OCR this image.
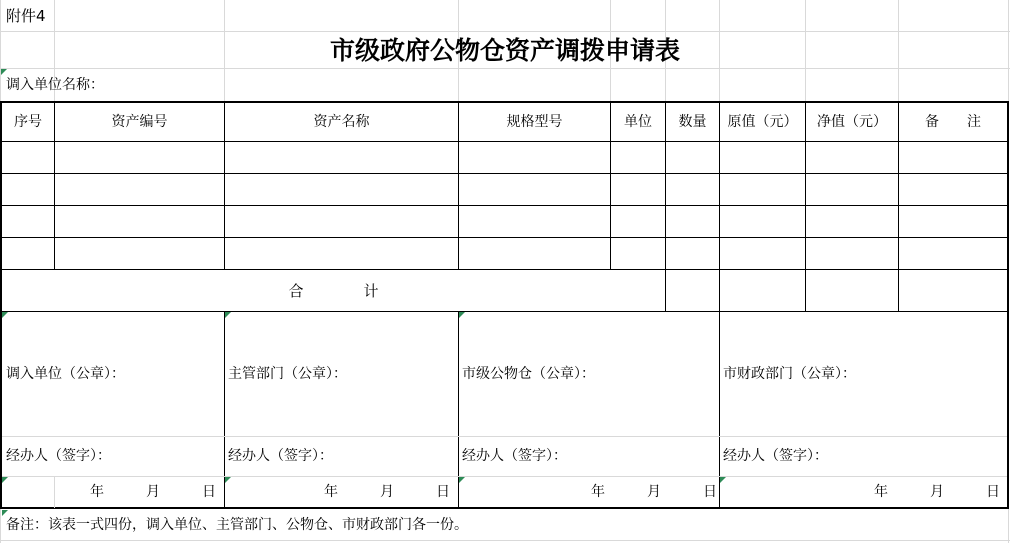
附件4
市级政府公物仓资产调拨申请表
调入单位名称：
序号	资产编号	资产名称	规格型号	单位	数量	原值（元）	净值（元）	备　　注
合　　　　计
调入单位（公章）：	主管部门（公章）：	市级公物仓（公章）：	市财政部门（公章）：
经办人（签字）：	经办人（签字）：	经办人（签字）：	经办人（签字）：
年　　　月　　　日	年　　　月　　　日	年　　　月　　　日	年　　　月　　　日
备注：该表一式四份，调入单位、主管部门、公物仓、市财政部门各一份。
